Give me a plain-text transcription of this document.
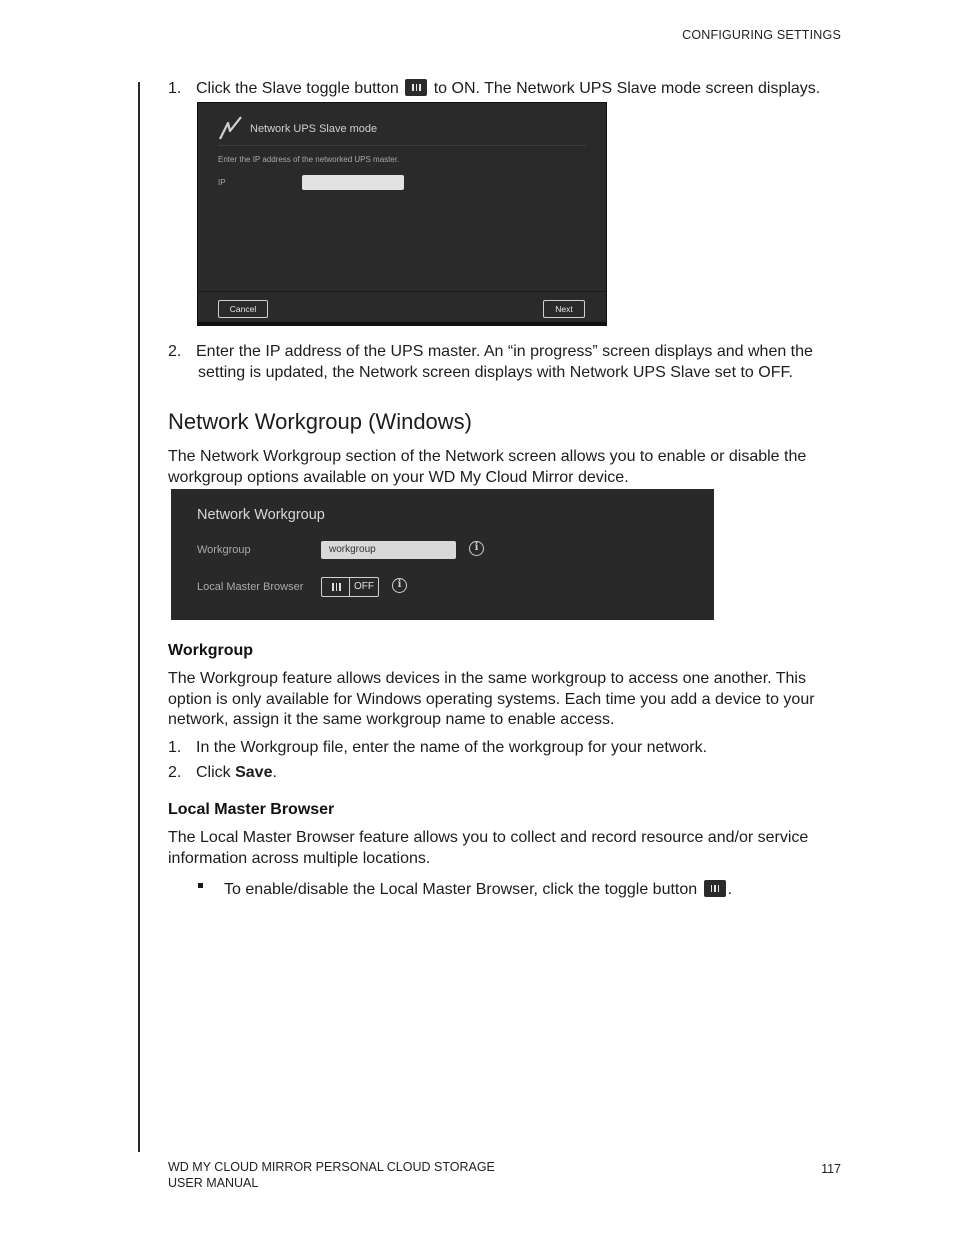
CONFIGURING SETTINGS
1. Click the Slave toggle button to ON. The Network UPS Slave mode screen displays.
Network UPS Slave mode
Enter the IP address of the networked UPS master.
IP
Cancel	Next
2. Enter the IP address of the UPS master. An “in progress” screen displays and when the
setting is updated, the Network screen displays with Network UPS Slave set to OFF.
Network Workgroup (Windows)
The Network Workgroup section of the Network screen allows you to enable or disable the
workgroup options available on your WD My Cloud Mirror device.
Network Workgroup
Workgroup	workgroup	i
Local Master Browser	OFF	i
Workgroup
The Workgroup feature allows devices in the same workgroup to access one another. This
option is only available for Windows operating systems. Each time you add a device to your
network, assign it the same workgroup name to enable access.
1. In the Workgroup file, enter the name of the workgroup for your network.
2. Click Save.
Local Master Browser
The Local Master Browser feature allows you to collect and record resource and/or service
information across multiple locations.
To enable/disable the Local Master Browser, click the toggle button .
WD MY CLOUD MIRROR PERSONAL CLOUD STORAGE
USER MANUAL
117
